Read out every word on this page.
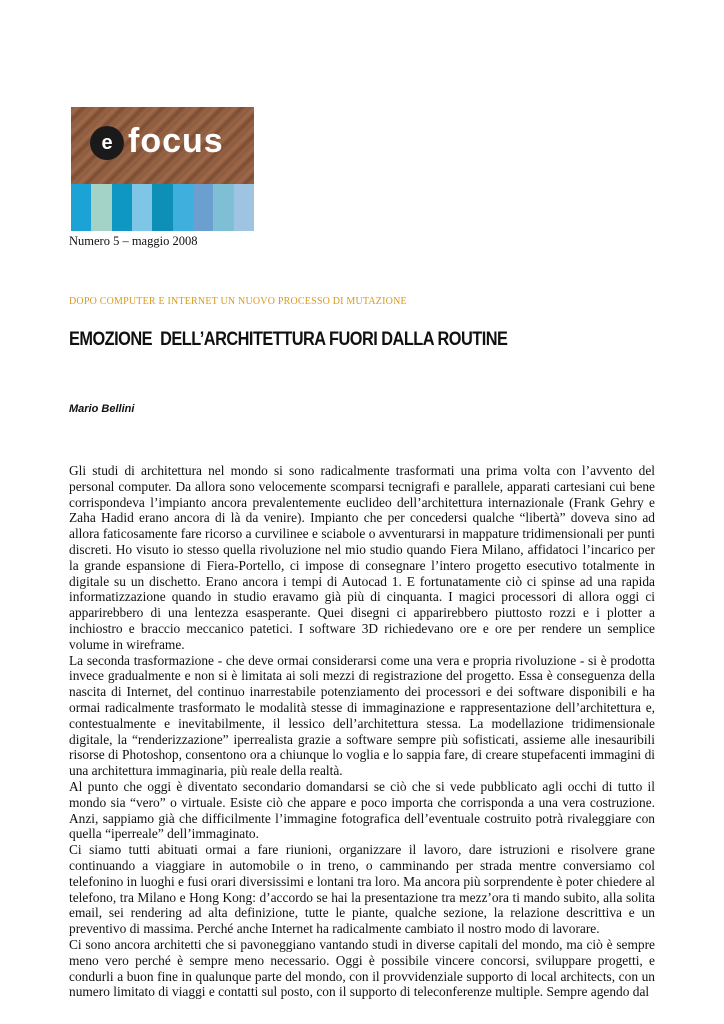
e focus
Numero 5 – maggio 2008
DOPO COMPUTER E INTERNET UN NUOVO PROCESSO DI MUTAZIONE
EMOZIONE  DELL’ARCHITETTURA FUORI DALLA ROUTINE
Mario Bellini

Gli studi di architettura nel mondo si sono radicalmente trasformati una prima volta con l’avvento del personal computer. Da allora sono velocemente scomparsi tecnigrafi e parallele, apparati cartesiani cui bene corrispondeva l’impianto ancora prevalentemente euclideo dell’architettura internazionale (Frank Gehry e Zaha Hadid erano ancora di là da venire). Impianto che per concedersi qualche “libertà” doveva sino ad allora faticosamente fare ricorso a curvilinee e sciabole o avventurarsi in mappature tridimensionali per punti discreti. Ho visuto io stesso quella rivoluzione nel mio studio quando Fiera Milano, affidatoci l’incarico per la grande espansione di Fiera-Portello, ci impose di consegnare l’intero progetto esecutivo totalmente in digitale su un dischetto. Erano ancora i tempi di Autocad 1. E fortunatamente ciò ci spinse ad una rapida informatizzazione quando in studio eravamo già più di cinquanta. I magici processori di allora oggi ci apparirebbero di una lentezza esasperante. Quei disegni ci apparirebbero piuttosto rozzi e i plotter a inchiostro e braccio meccanico patetici. I software 3D richiedevano ore e ore per rendere un semplice volume in wireframe.

La seconda trasformazione - che deve ormai considerarsi come una vera e propria rivoluzione - si è prodotta invece gradualmente e non si è limitata ai soli mezzi di registrazione del progetto. Essa è conseguenza della nascita di Internet, del continuo inarrestabile potenziamento dei processori e dei software disponibili e ha ormai radicalmente trasformato le modalità stesse di immaginazione e rappresentazione dell’architettura e, contestualmente e inevitabilmente, il lessico dell’architettura stessa. La modellazione tridimensionale digitale, la “renderizzazione” iperrealista grazie a software sempre più sofisticati, assieme alle inesauribili risorse di Photoshop, consentono ora a chiunque lo voglia e lo sappia fare, di creare stupefacenti immagini di una architettura immaginaria, più reale della realtà.

Al punto che oggi è diventato secondario domandarsi se ciò che si vede pubblicato agli occhi di tutto il mondo sia “vero” o virtuale. Esiste ciò che appare e poco importa che corrisponda a una vera costruzione. Anzi, sappiamo già che difficilmente l’immagine fotografica dell’eventuale costruito potrà rivaleggiare con quella “iperreale” dell’immaginato.

Ci siamo tutti abituati ormai a fare riunioni, organizzare il lavoro, dare istruzioni e risolvere grane continuando a viaggiare in automobile o in treno, o camminando per strada mentre conversiamo col telefonino in luoghi e fusi orari diversissimi e lontani tra loro. Ma ancora più sorprendente è poter chiedere al telefono, tra Milano e Hong Kong: d’accordo se hai la presentazione tra mezz’ora ti mando subito, alla solita email, sei rendering ad alta definizione, tutte le piante, qualche sezione, la relazione descrittiva e un preventivo di massima. Perché anche Internet ha radicalmente cambiato il nostro modo di lavorare.

Ci sono ancora architetti che si pavoneggiano vantando studi in diverse capitali del mondo, ma ciò è sempre meno vero perché è sempre meno necessario. Oggi è possibile vincere concorsi, sviluppare progetti, e condurli a buon fine in qualunque parte del mondo, con il provvidenziale supporto di local architects, con un numero limitato di viaggi e contatti sul posto, con il supporto di teleconferenze multiple. Sempre agendo dal
